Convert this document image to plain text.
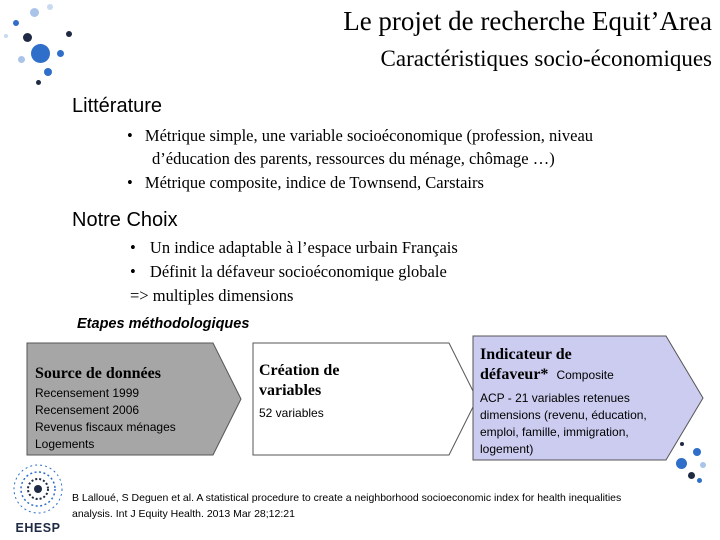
Le projet de recherche Equit’Area
Caractéristiques socio-économiques
Littérature
• Métrique simple, une variable socioéconomique (profession, niveau
d’éducation des parents, ressources du ménage, chômage …)
• Métrique composite, indice de Townsend, Carstairs
Notre Choix
• Un indice adaptable à l’espace urbain Français
• Définit la défaveur socioéconomique globale
=> multiples dimensions
Etapes méthodologiques
Source de données
Recensement 1999
Recensement 2006
Revenus fiscaux ménages
Logements
Création de
variables
52 variables
Indicateur de
défaveur* Composite
ACP - 21 variables retenues dimensions (revenu, éducation, emploi, famille, immigration, logement)
EHESP
B Lalloué, S Deguen et al. A statistical procedure to create a neighborhood socioeconomic index for health inequalities
analysis. Int J Equity Health. 2013 Mar 28;12:21
